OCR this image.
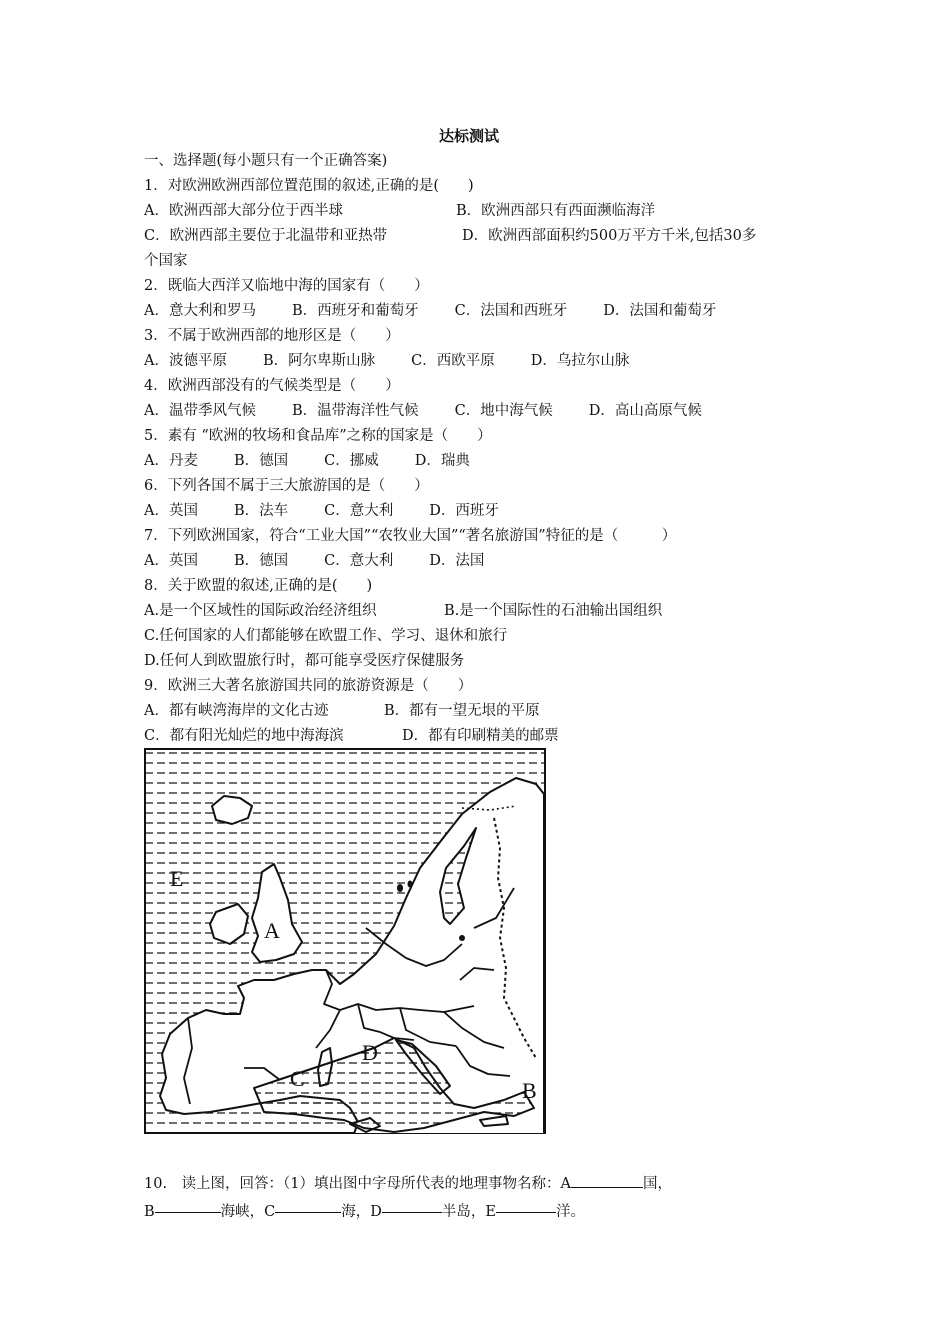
达标测试
一、选择题(每小题只有一个正确答案)
1．对欧洲欧洲西部位置范围的叙述,正确的是(　　)
A．欧洲西部大部分位于西半球	B．欧洲西部只有西面濒临海洋
C．欧洲西部主要位于北温带和亚热带	D．欧洲西部面积约500万平方千米,包括30多
个国家
2．既临大西洋又临地中海的国家有（　　）
A．意大利和罗马 B．西班牙和葡萄牙 C．法国和西班牙 D．法国和葡萄牙
3．不属于欧洲西部的地形区是（　　）
A．波德平原 B．阿尔卑斯山脉 C．西欧平原 D．乌拉尔山脉
4．欧洲西部没有的气候类型是（　　）
A．温带季风气候 B．温带海洋性气候 C．地中海气候 D．高山高原气候
5．素有 “欧洲的牧场和食品库”之称的国家是（　　）
A．丹麦 B．德国 C．挪威 D．瑞典
6．下列各国不属于三大旅游国的是（　　）
A．英国 B．法车 C．意大利 D．西班牙
7．下列欧洲国家，符合“工业大国”“农牧业大国”“著名旅游国”特征的是（　　　）
A．英国 B．德国 C．意大利 D．法国
8．关于欧盟的叙述,正确的是(　　)
A.是一个区域性的国际政治经济组织	B.是一个国际性的石油输出国组织
C.任何国家的人们都能够在欧盟工作、学习、退休和旅行
D.任何人到欧盟旅行时，都可能享受医疗保健服务
9．欧洲三大著名旅游国共同的旅游资源是（　　）
A．都有峡湾海岸的文化古迹	B．都有一望无垠的平原
C．都有阳光灿烂的地中海海滨	D．都有印刷精美的邮票
E
A
D
C	B
10.　读上图，回答：（1）填出图中字母所代表的地理事物名称：A	国，
B	海峡，C	海，D	半岛，E	洋。
